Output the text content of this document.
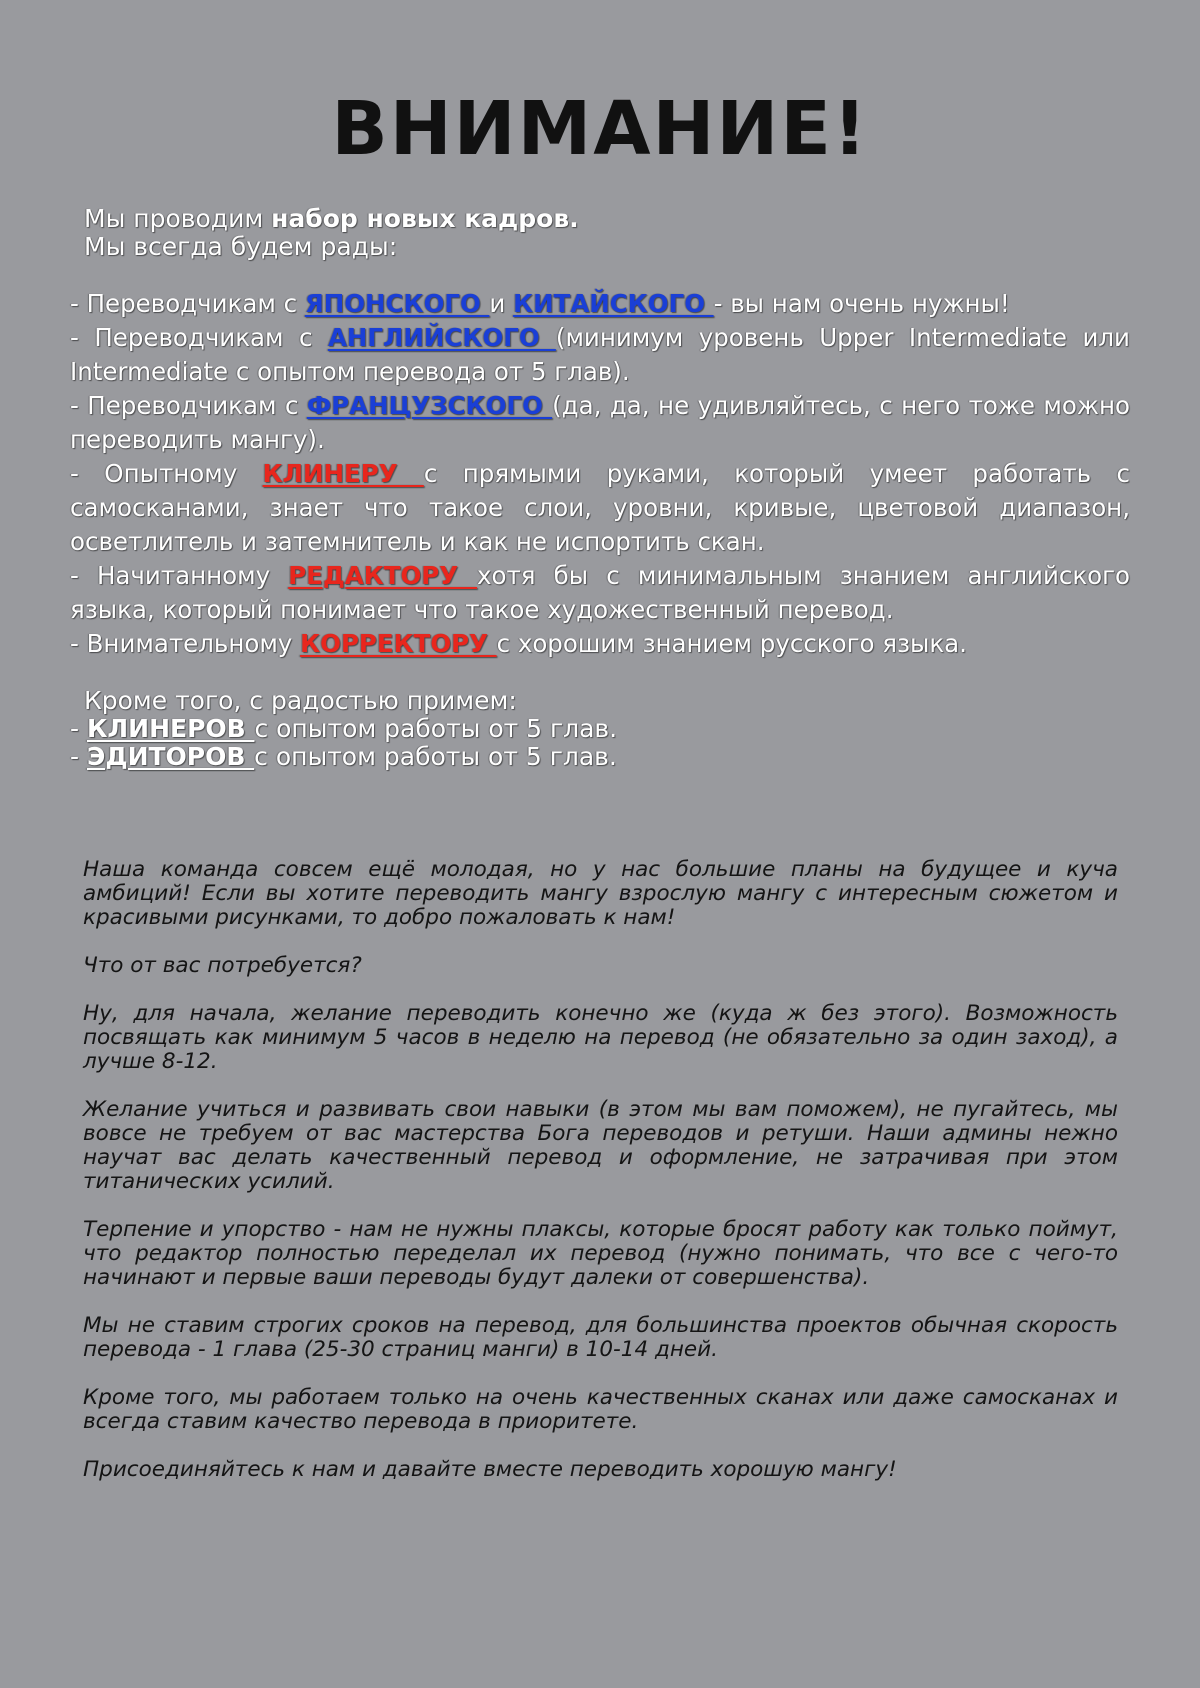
ВНИМАНИЕ!
Мы проводим набор новых кадров.
Мы всегда будем рады:
- Переводчикам с ЯПОНСКОГО и КИТАЙСКОГО - вы нам очень нужны!
- Переводчикам с АНГЛИЙСКОГО (минимум уровень Upper Intermediate или Intermediate с опытом перевода от 5 глав).
- Переводчикам с ФРАНЦУЗСКОГО (да, да, не удивляйтесь, с него тоже можно переводить мангу).
- Опытному КЛИНЕРУ с прямыми руками, который умеет работать с самосканами, знает что такое слои, уровни, кривые, цветовой диапазон, осветлитель и затемнитель и как не испортить скан.
- Начитанному РЕДАКТОРУ хотя бы с минимальным знанием английского языка, который понимает что такое художественный перевод.
- Внимательному КОРРЕКТОРУ с хорошим знанием русского языка.
Кроме того, с радостью примем:
- КЛИНЕРОВ с опытом работы от 5 глав.
- ЭДИТОРОВ с опытом работы от 5 глав.

Наша команда совсем ещё молодая, но у нас большие планы на будущее и куча амбиций! Если вы хотите переводить мангу взрослую мангу с интересным сюжетом и красивыми рисунками, то добро пожаловать к нам!

Что от вас потребуется?

Ну, для начала, желание переводить конечно же (куда ж без этого). Возможность посвящать как минимум 5 часов в неделю на перевод (не обязательно за один заход), а лучше 8-12.

Желание учиться и развивать свои навыки (в этом мы вам поможем), не пугайтесь, мы вовсе не требуем от вас мастерства Бога переводов и ретуши. Наши админы нежно научат вас делать качественный перевод и оформление, не затрачивая при этом титанических усилий.

Терпение и упорство - нам не нужны плаксы, которые бросят работу как только поймут, что редактор полностью переделал их перевод (нужно понимать, что все с чего-то начинают и первые ваши переводы будут далеки от совершенства).

Мы не ставим строгих сроков на перевод, для большинства проектов обычная скорость перевода - 1 глава (25-30 страниц манги) в 10-14 дней.

Кроме того, мы работаем только на очень качественных сканах или даже самосканах и всегда ставим качество перевода в приоритете.

Присоединяйтесь к нам и давайте вместе переводить хорошую мангу!
